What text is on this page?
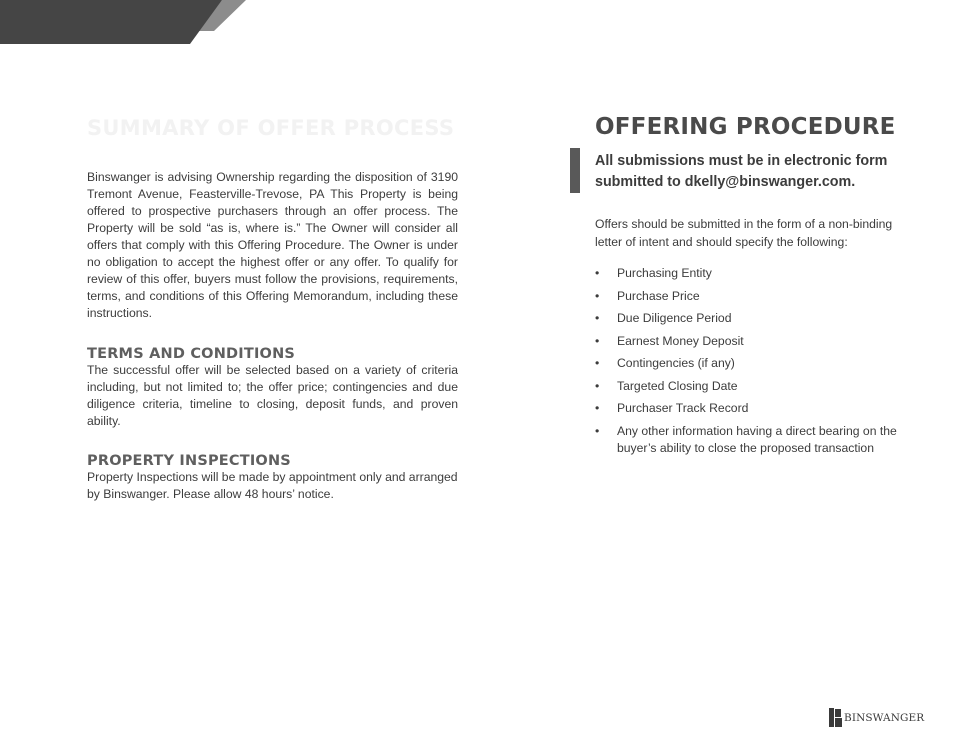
SUMMARY OF OFFER PROCESS

Binswanger is advising Ownership regarding the disposition of 3190 Tremont Avenue, Feasterville-Trevose, PA This Property is being offered to prospective purchasers through an offer process. The Property will be sold “as is, where is.” The Owner will consider all offers that comply with this Offering Procedure. The Owner is under no obligation to accept the highest offer or any offer. To qualify for review of this offer, buyers must follow the provisions, requirements, terms, and conditions of this Offering Memorandum, including these instructions.

TERMS AND CONDITIONS

The successful offer will be selected based on a variety of criteria including, but not limited to; the offer price; contingencies and due diligence criteria, timeline to closing, deposit funds, and proven ability.

PROPERTY INSPECTIONS

Property Inspections will be made by appointment only and arranged by Binswanger. Please allow 48 hours’ notice.

OFFERING PROCEDURE

All submissions must be in electronic form submitted to dkelly@binswanger.com.

Offers should be submitted in the form of a non-binding letter of intent and should specify the following:

• Purchasing Entity
• Purchase Price
• Due Diligence Period
• Earnest Money Deposit
• Contingencies (if any)
• Targeted Closing Date
• Purchaser Track Record
• Any other information having a direct bearing on the buyer’s ability to close the proposed transaction
BINSWANGER
